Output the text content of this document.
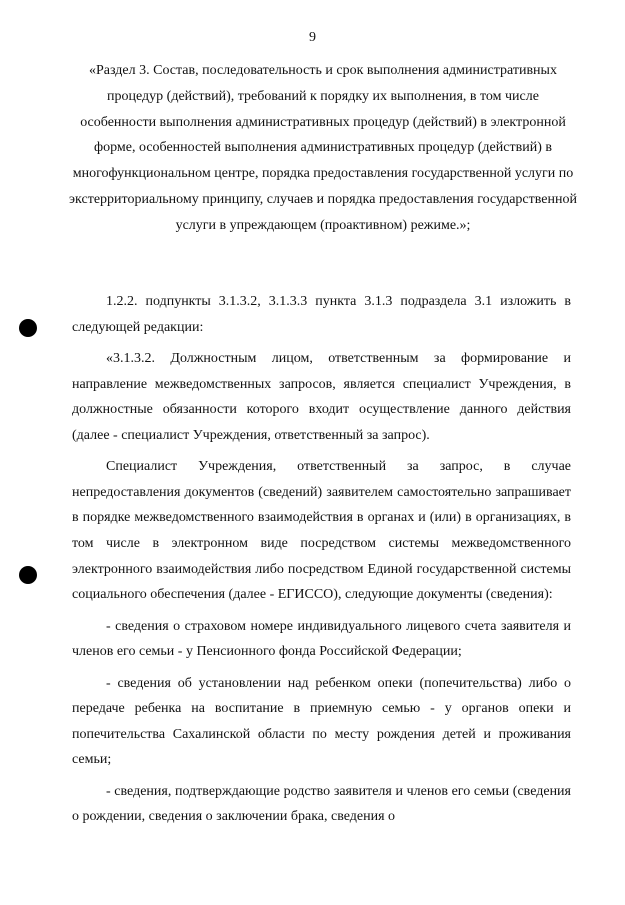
9
«Раздел 3. Состав, последовательность и срок выполнения административных процедур (действий), требований к порядку их выполнения, в том числе особенности выполнения административных процедур (действий) в электронной форме, особенностей выполнения административных процедур (действий) в многофункциональном центре, порядка предоставления государственной услуги по экстерриториальному принципу, случаев и порядка предоставления государственной услуги в упреждающем (проактивном) режиме.»;

1.2.2. подпункты 3.1.3.2, 3.1.3.3 пункта 3.1.3 подраздела 3.1 изложить в следующей редакции:

«3.1.3.2. Должностным лицом, ответственным за формирование и направление межведомственных запросов, является специалист Учреждения, в должностные обязанности которого входит осуществление данного действия (далее - специалист Учреждения, ответственный за запрос).

Специалист Учреждения, ответственный за запрос, в случае непредоставления документов (сведений) заявителем самостоятельно запрашивает в порядке межведомственного взаимодействия в органах и (или) в организациях, в том числе в электронном виде посредством системы межведомственного электронного взаимодействия либо посредством Единой государственной системы социального обеспечения (далее - ЕГИССО), следующие документы (сведения):

- сведения о страховом номере индивидуального лицевого счета заявителя и членов его семьи - у Пенсионного фонда Российской Федерации;

- сведения об установлении над ребенком опеки (попечительства) либо о передаче ребенка на воспитание в приемную семью - у органов опеки и попечительства Сахалинской области по месту рождения детей и проживания семьи;

- сведения, подтверждающие родство заявителя и членов его семьи (сведения о рождении, сведения о заключении брака, сведения о
